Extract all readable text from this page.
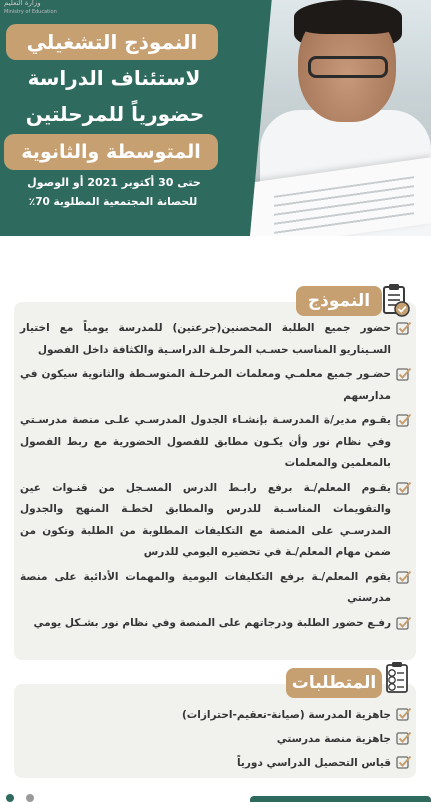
وزارة التعليم
Ministry of Education
النموذج التشغيلي
لاستئناف الدراسة
حضورياً للمرحلتين
المتوسطة والثانوية
حتى 30 أكتوبر 2021 أو الوصول
للحصانة المجتمعية المطلوبة 70٪
النموذج
حضور جميع الطلبة المحصنين(جرعتين) للمدرسة يومياً مع اختيار السـيناريو المناسب حسـب المرحلـة الدراسـية والكثافة داخل الفصول
حضـور جميع معلمـي ومعلمات المرحلـة المتوسـطة والثانوية سيكون في مدارسهم
يقـوم مدير/ة المدرسـة بإنشـاء الجدول المدرسـي علـى منصة مدرسـتي وفي نظام نور وأن يكـون مطابق للفصول الحضورية مع ربط الفصول بالمعلمين والمعلمات
يقـوم المعلم/ـة برفع رابـط الدرس المسـجل من قنـوات عين والتقويمات المناسـبة للدرس والمطابق لخطـة المنهج والجدول المدرسـي على المنصة مع التكليفات المطلوبة من الطلبة وتكون من ضمن مهام المعلم/ـة في تحضيره اليومي للدرس
يقوم المعلم/ـة برفع التكليفات اليومية والمهمات الأدائية على منصة مدرستي
رفـع حضور الطلبة ودرجاتهم على المنصة وفي نظام نور بشـكل يومي
المتطلبات
جاهزية المدرسة (صيانة-تعقيم-احترازات)
جاهزية منصة مدرستي
قياس التحصيل الدراسي دورياً
